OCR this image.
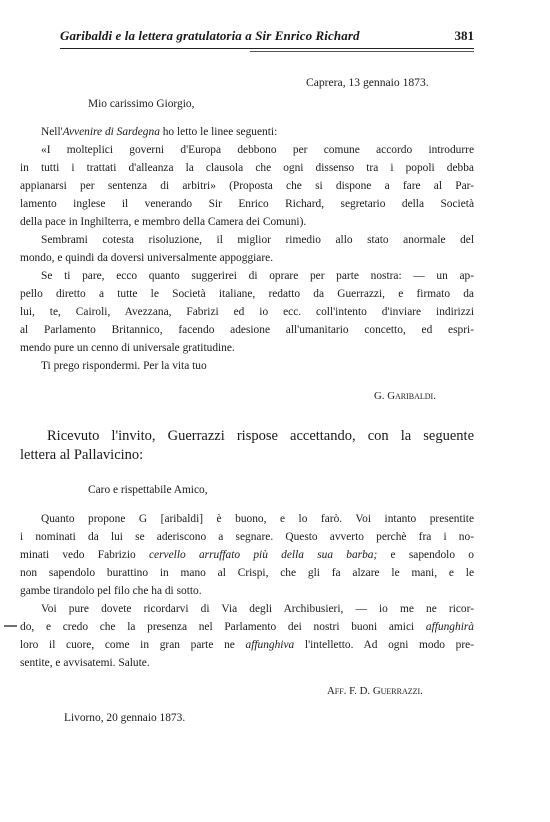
Garibaldi e la lettera gratulatoria a Sir Enrico Richard	381
Caprera, 13 gennaio 1873.
Mio carissimo Giorgio,
Nell'Avvenire di Sardegna ho letto le linee seguenti:
«I molteplici governi d'Europa debbono per comune accordo introdurre
in tutti i trattati d'alleanza la clausola che ogni dissenso tra i popoli debba
appianarsi per sentenza di arbitri» (Proposta che si dispone a fare al Par-
lamento inglese il venerando Sir Enrico Richard, segretario della Società
della pace in Inghilterra, e membro della Camera dei Comuni).
Sembrami cotesta risoluzione, il miglior rimedio allo stato anormale del
mondo, e quindi da doversi universalmente appoggiare.
Se ti pare, ecco quanto suggerirei di oprare per parte nostra: — un ap-
pello diretto a tutte le Società italiane, redatto da Guerrazzi, e firmato da
lui, te, Cairoli, Avezzana, Fabrizi ed io ecc. coll'intento d'inviare indirizzi
al Parlamento Britannico, facendo adesione all'umanitario concetto, ed espri-
mendo pure un cenno di universale gratitudine.
Ti prego rispondermi. Per la vita tuo
G. Garibaldi.
Ricevuto l'invito, Guerrazzi rispose accettando, con la seguente
lettera al Pallavicino:
Caro e rispettabile Amico,
Quanto propone G [aribaldi] è buono, e lo farò. Voi intanto presentite
i nominati da lui se aderiscono a segnare. Questo avverto perchè fra i no-
minati vedo Fabrizio cervello arruffato più della sua barba; e sapendolo o
non sapendolo burattino in mano al Crispi, che gli fa alzare le mani, e le
gambe tirandolo pel filo che ha di sotto.
Voi pure dovete ricordarvi di Via degli Archibusieri, — io me ne ricor-
do, e credo che la presenza nel Parlamento dei nostri buoni amici affunghirà
loro il cuore, come in gran parte ne affunghiva l'intelletto. Ad ogni modo pre-
sentite, e avvisatemi. Salute.
Aff. F. D. Guerrazzi.
Livorno, 20 gennaio 1873.
